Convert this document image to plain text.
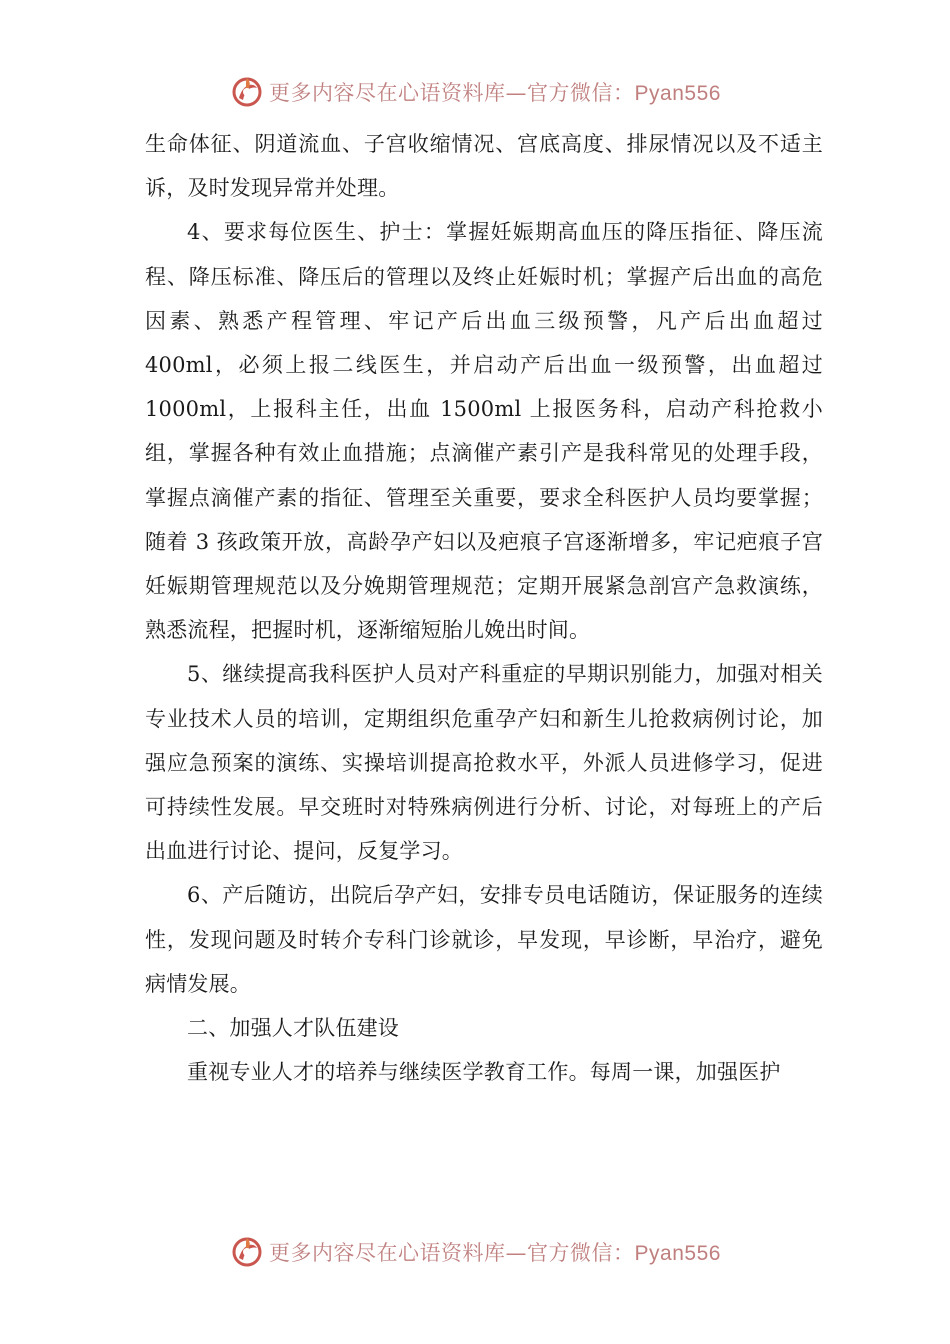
更多内容尽在心语资料库—官方微信：Pyan556

生命体征、阴道流血、子宫收缩情况、宫底高度、排尿情况以及不适主诉，及时发现异常并处理。

4、要求每位医生、护士：掌握妊娠期高血压的降压指征、降压流程、降压标准、降压后的管理以及终止妊娠时机；掌握产后出血的高危因素、熟悉产程管理、牢记产后出血三级预警，凡产后出血超过400ml，必须上报二线医生，并启动产后出血一级预警，出血超过1000ml，上报科主任，出血 1500ml 上报医务科，启动产科抢救小组，掌握各种有效止血措施；点滴催产素引产是我科常见的处理手段，掌握点滴催产素的指征、管理至关重要，要求全科医护人员均要掌握； 随着 3 孩政策开放，高龄孕产妇以及疤痕子宫逐渐增多，牢记疤痕子宫妊娠期管理规范以及分娩期管理规范；定期开展紧急剖宫产急救演练，熟悉流程，把握时机，逐渐缩短胎儿娩出时间。

5、继续提高我科医护人员对产科重症的早期识别能力，加强对相关专业技术人员的培训，定期组织危重孕产妇和新生儿抢救病例讨论，加强应急预案的演练、实操培训提高抢救水平，外派人员进修学习，促进可持续性发展。早交班时对特殊病例进行分析、讨论，对每班上的产后出血进行讨论、提问，反复学习。

6、产后随访，出院后孕产妇，安排专员电话随访，保证服务的连续性，发现问题及时转介专科门诊就诊，早发现，早诊断，早治疗，避免病情发展。

二、加强人才队伍建设

重视专业人才的培养与继续医学教育工作。每周一课，加强医护

更多内容尽在心语资料库—官方微信：Pyan556
